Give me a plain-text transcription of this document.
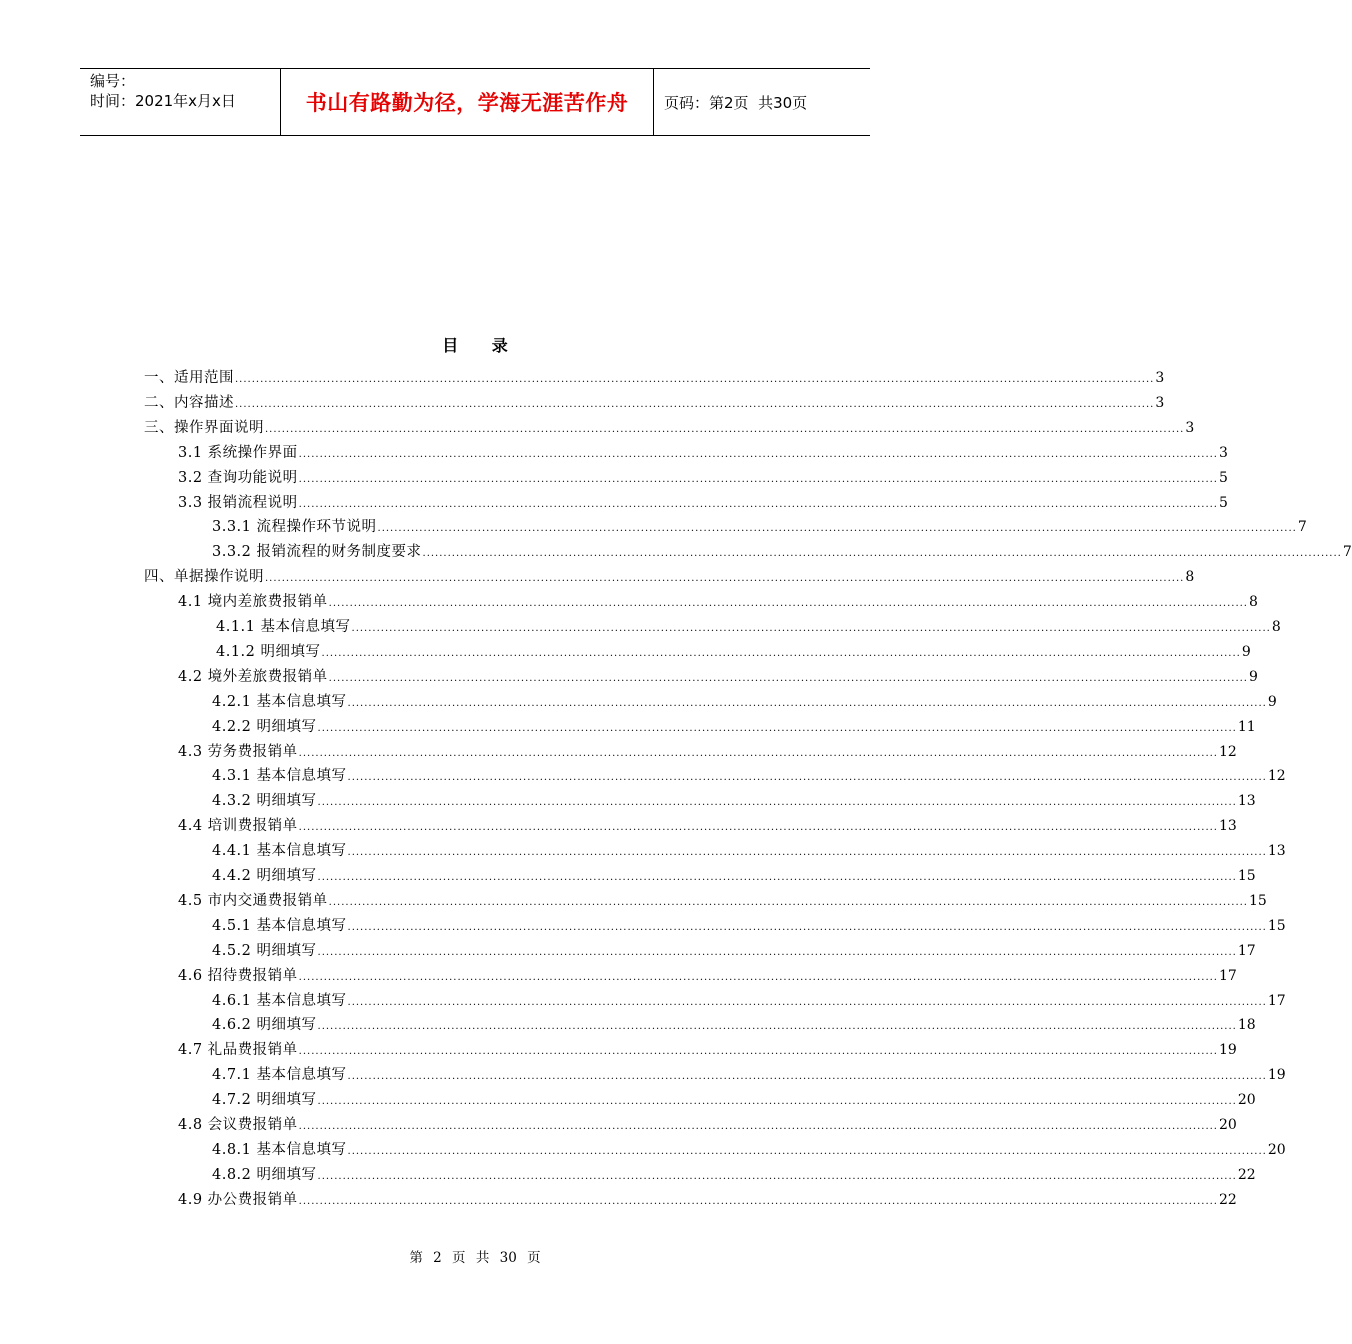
编号：
时间：2021年x月x日	书山有路勤为径，学海无涯苦作舟	页码：第2页  共30页
目 录
一、适用范围 ............................................................................................................................................................................................................................ 3
二、内容描述 ............................................................................................................................................................................................................................ 3
三、操作界面说明 ............................................................................................................................................................................................................................ 3
3.1 系统操作界面 ............................................................................................................................................................................................................................ 3
3.2 查询功能说明 ............................................................................................................................................................................................................................ 5
3.3 报销流程说明 ............................................................................................................................................................................................................................ 5
3.3.1 流程操作环节说明 ............................................................................................................................................................................................................................ 7
3.3.2 报销流程的财务制度要求 ............................................................................................................................................................................................................................ 7
四、单据操作说明 ............................................................................................................................................................................................................................ 8
4.1 境内差旅费报销单 ............................................................................................................................................................................................................................ 8
4.1.1 基本信息填写 ............................................................................................................................................................................................................................ 8
4.1.2 明细填写 ............................................................................................................................................................................................................................ 9
4.2 境外差旅费报销单 ............................................................................................................................................................................................................................ 9
4.2.1 基本信息填写 ............................................................................................................................................................................................................................ 9
4.2.2 明细填写 ............................................................................................................................................................................................................................ 11
4.3 劳务费报销单 ............................................................................................................................................................................................................................ 12
4.3.1 基本信息填写 ............................................................................................................................................................................................................................ 12
4.3.2 明细填写 ............................................................................................................................................................................................................................ 13
4.4 培训费报销单 ............................................................................................................................................................................................................................ 13
4.4.1 基本信息填写 ............................................................................................................................................................................................................................ 13
4.4.2 明细填写 ............................................................................................................................................................................................................................ 15
4.5 市内交通费报销单 ............................................................................................................................................................................................................................ 15
4.5.1 基本信息填写 ............................................................................................................................................................................................................................ 15
4.5.2 明细填写 ............................................................................................................................................................................................................................ 17
4.6 招待费报销单 ............................................................................................................................................................................................................................ 17
4.6.1 基本信息填写 ............................................................................................................................................................................................................................ 17
4.6.2 明细填写 ............................................................................................................................................................................................................................ 18
4.7 礼品费报销单 ............................................................................................................................................................................................................................ 19
4.7.1 基本信息填写 ............................................................................................................................................................................................................................ 19
4.7.2 明细填写 ............................................................................................................................................................................................................................ 20
4.8 会议费报销单 ............................................................................................................................................................................................................................ 20
4.8.1 基本信息填写 ............................................................................................................................................................................................................................ 20
4.8.2 明细填写 ............................................................................................................................................................................................................................ 22
4.9 办公费报销单 ............................................................................................................................................................................................................................ 22
第 2 页 共 30 页
